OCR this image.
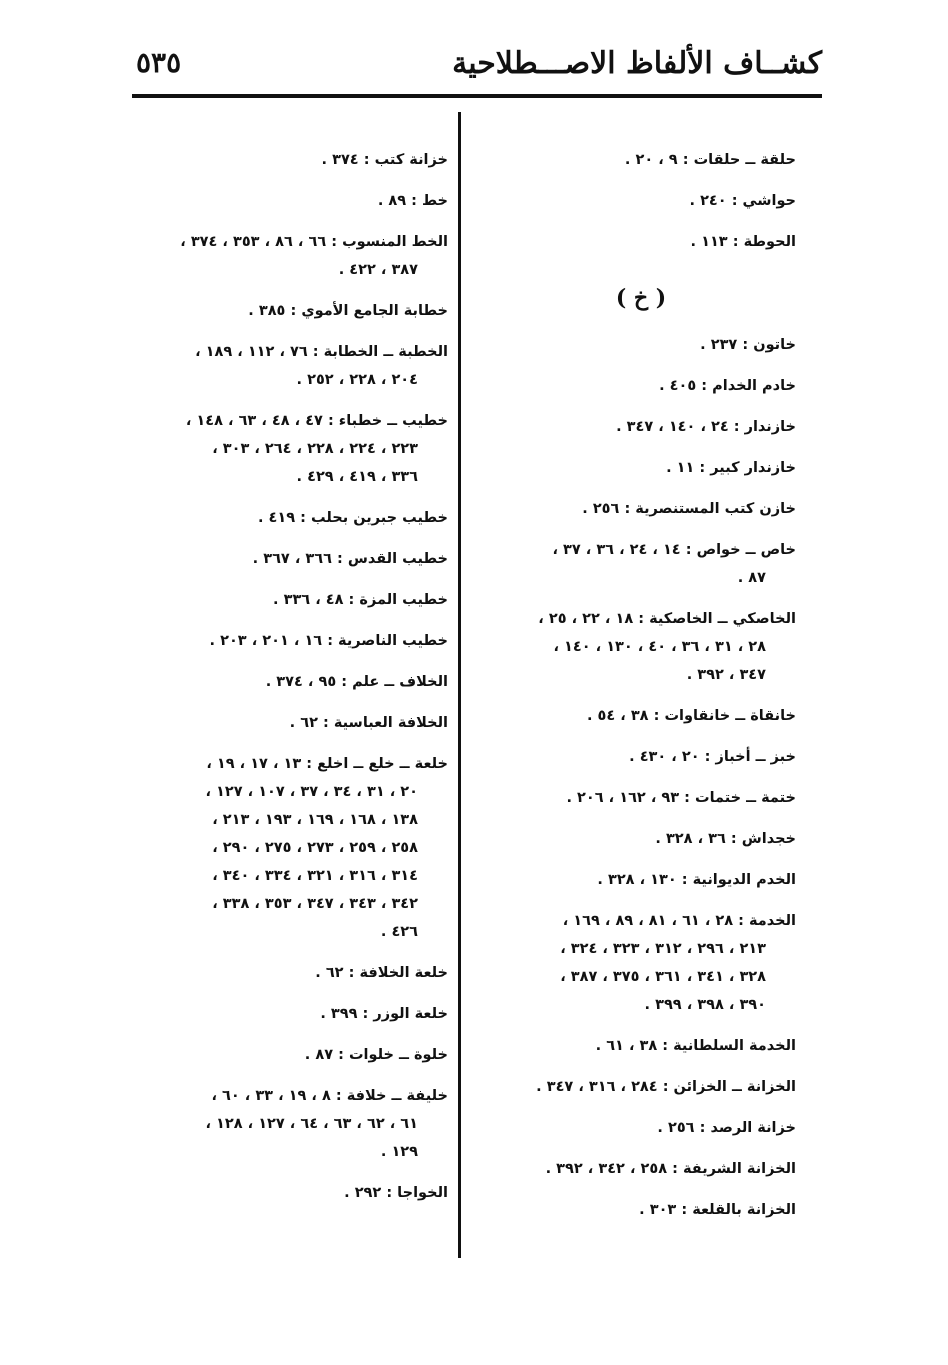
كشــاف الألفاظ الاصـــطلاحية
٥٣٥
حلقة ــ حلقات : ٩ ، ٢٠ .
حواشي : ٢٤٠ .
الحوطة : ١١٣ .
( خ )
خاتون : ٢٣٧ .
خادم الخدام : ٤٠٥ .
خازندار : ٢٤ ، ١٤٠ ، ٣٤٧ .
خازندار كبير : ١١ .
خازن كتب المستنصرية : ٢٥٦ .
خاص ــ خواص : ١٤ ، ٢٤ ، ٣٦ ، ٣٧ ،
٨٧ .
الخاصكي ــ الخاصكية : ١٨ ، ٢٢ ، ٢٥ ،
٢٨ ، ٣١ ، ٣٦ ، ٤٠ ، ١٣٠ ، ١٤٠ ،
٣٤٧ ، ٣٩٢ .
خانقاة ــ خانقاوات : ٣٨ ، ٥٤ .
خبز ــ أخباز : ٢٠ ، ٤٣٠ .
ختمة ــ ختمات : ٩٣ ، ١٦٢ ، ٢٠٦ .
خجداش : ٣٦ ، ٣٢٨ .
الخدم الديوانية : ١٣٠ ، ٣٢٨ .
الخدمة : ٢٨ ، ٦١ ، ٨١ ، ٨٩ ، ١٦٩ ،
٢١٣ ، ٢٩٦ ، ٣١٢ ، ٣٢٣ ، ٣٢٤ ،
٣٢٨ ، ٣٤١ ، ٣٦١ ، ٣٧٥ ، ٣٨٧ ،
٣٩٠ ، ٣٩٨ ، ٣٩٩ .
الخدمة السلطانية : ٣٨ ، ٦١ .
الخزانة ــ الخزائن : ٢٨٤ ، ٣١٦ ، ٣٤٧ .
خزانة الرصد : ٢٥٦ .
الخزانة الشريفة : ٢٥٨ ، ٣٤٢ ، ٣٩٢ .
الخزانة بالقلعة : ٣٠٣ .
خزانة كتب : ٣٧٤ .
خط : ٨٩ .
الخط المنسوب : ٦٦ ، ٨٦ ، ٣٥٣ ، ٣٧٤ ،
٣٨٧ ، ٤٢٢ .
خطابة الجامع الأموي : ٣٨٥ .
الخطبة ــ الخطابة : ٧٦ ، ١١٢ ، ١٨٩ ،
٢٠٤ ، ٢٢٨ ، ٢٥٢ .
خطيب ــ خطباء : ٤٧ ، ٤٨ ، ٦٣ ، ١٤٨ ،
٢٢٣ ، ٢٢٤ ، ٢٢٨ ، ٢٦٤ ، ٣٠٣ ،
٣٣٦ ، ٤١٩ ، ٤٢٩ .
خطيب جبرين بحلب : ٤١٩ .
خطيب القدس : ٣٦٦ ، ٣٦٧ .
خطيب المزة : ٤٨ ، ٣٣٦ .
خطيب الناصرية : ١٦ ، ٢٠١ ، ٢٠٣ .
الخلاف ــ علم : ٩٥ ، ٣٧٤ .
الخلافة العباسية : ٦٢ .
خلعة ــ خلع ــ اخلع : ١٣ ، ١٧ ، ١٩ ،
٢٠ ، ٣١ ، ٣٤ ، ٣٧ ، ١٠٧ ، ١٢٧ ،
١٣٨ ، ١٦٨ ، ١٦٩ ، ١٩٣ ، ٢١٣ ،
٢٥٨ ، ٢٥٩ ، ٢٧٣ ، ٢٧٥ ، ٢٩٠ ،
٣١٤ ، ٣١٦ ، ٣٢١ ، ٣٣٤ ، ٣٤٠ ،
٣٤٢ ، ٣٤٣ ، ٣٤٧ ، ٣٥٣ ، ٣٣٨ ،
٤٢٦ .
خلعة الخلافة : ٦٢ .
خلعة الوزر : ٣٩٩ .
خلوة ــ خلوات : ٨٧ .
خليفة ــ خلافة : ٨ ، ١٩ ، ٣٣ ، ٦٠ ،
٦١ ، ٦٢ ، ٦٣ ، ٦٤ ، ١٢٧ ، ١٢٨ ،
١٢٩ .
الخواجا : ٢٩٢ .
